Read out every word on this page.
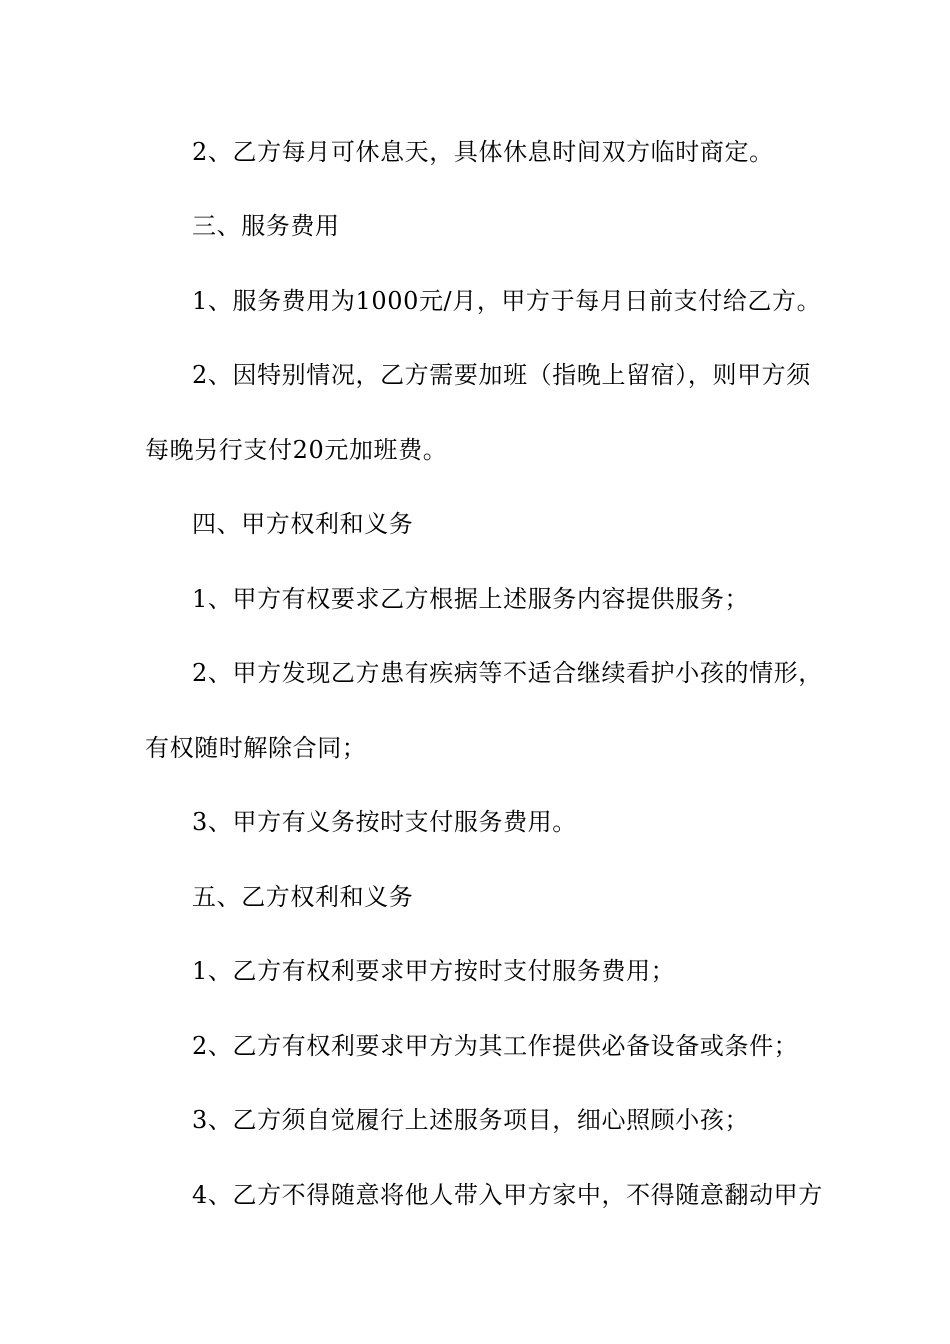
2、乙方每月可休息天，具体休息时间双方临时商定。
三、服务费用
1、服务费用为1000元/月，甲方于每月日前支付给乙方。
2、因特别情况，乙方需要加班（指晚上留宿），则甲方须
每晚另行支付20元加班费。
四、甲方权利和义务
1、甲方有权要求乙方根据上述服务内容提供服务；
2、甲方发现乙方患有疾病等不适合继续看护小孩的情形，
有权随时解除合同；
3、甲方有义务按时支付服务费用。
五、乙方权利和义务
1、乙方有权利要求甲方按时支付服务费用；
2、乙方有权利要求甲方为其工作提供必备设备或条件；
3、乙方须自觉履行上述服务项目，细心照顾小孩；
4、乙方不得随意将他人带入甲方家中，不得随意翻动甲方
